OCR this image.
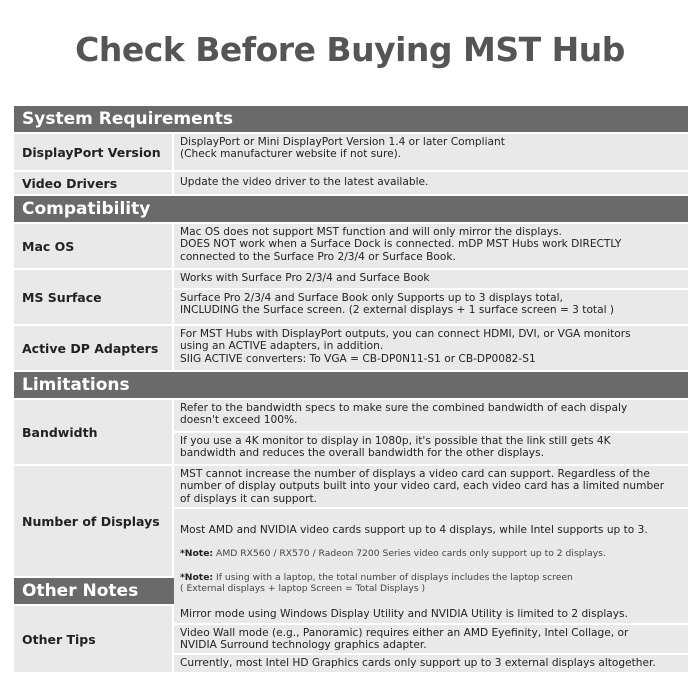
Check Before Buying MST Hub
System Requirements
DisplayPort Version
DisplayPort or Mini DisplayPort Version 1.4 or later Compliant
(Check manufacturer website if not sure).
Video Drivers	Update the video driver to the latest available.
Compatibility
Mac OS
Mac OS does not support MST function and will only mirror the displays.
DOES NOT work when a Surface Dock is connected. mDP MST Hubs work DIRECTLY
connected to the Surface Pro 2/3/4 or Surface Book.
MS Surface
Works with Surface Pro 2/3/4 and Surface Book
Surface Pro 2/3/4 and Surface Book only Supports up to 3 displays total,
INCLUDING the Surface screen. (2 external displays + 1 surface screen = 3 total )
Active DP Adapters
For MST Hubs with DisplayPort outputs, you can connect HDMI, DVI, or VGA monitors
using an ACTIVE adapters, in addition.
SIIG ACTIVE converters: To VGA = CB-DP0N11-S1 or CB-DP0082-S1
Limitations
Bandwidth
Refer to the bandwidth specs to make sure the combined bandwidth of each dispaly
doesn't exceed 100%.
If you use a 4K monitor to display in 1080p, it's possible that the link still gets 4K
bandwidth and reduces the overall bandwidth for the other displays.
Number of Displays
MST cannot increase the number of displays a video card can support. Regardless of the
number of display outputs built into your video card, each video card has a limited number
of displays it can support.

Most AMD and NVIDIA video cards support up to 4 displays, while Intel supports up to 3.

*Note: AMD RX560 / RX570 / Radeon 7200 Series video cards only support up to 2 displays.

*Note: If using with a laptop, the total number of displays includes the laptop screen
( External displays + laptop Screen = Total Displays )

Other Notes
Other Tips
Mirror mode using Windows Display Utility and NVIDIA Utility is limited to 2 displays.
Video Wall mode (e.g., Panoramic) requires either an AMD Eyefinity, Intel Collage, or
NVIDIA Surround technology graphics adapter.
Currently, most Intel HD Graphics cards only support up to 3 external displays altogether.
